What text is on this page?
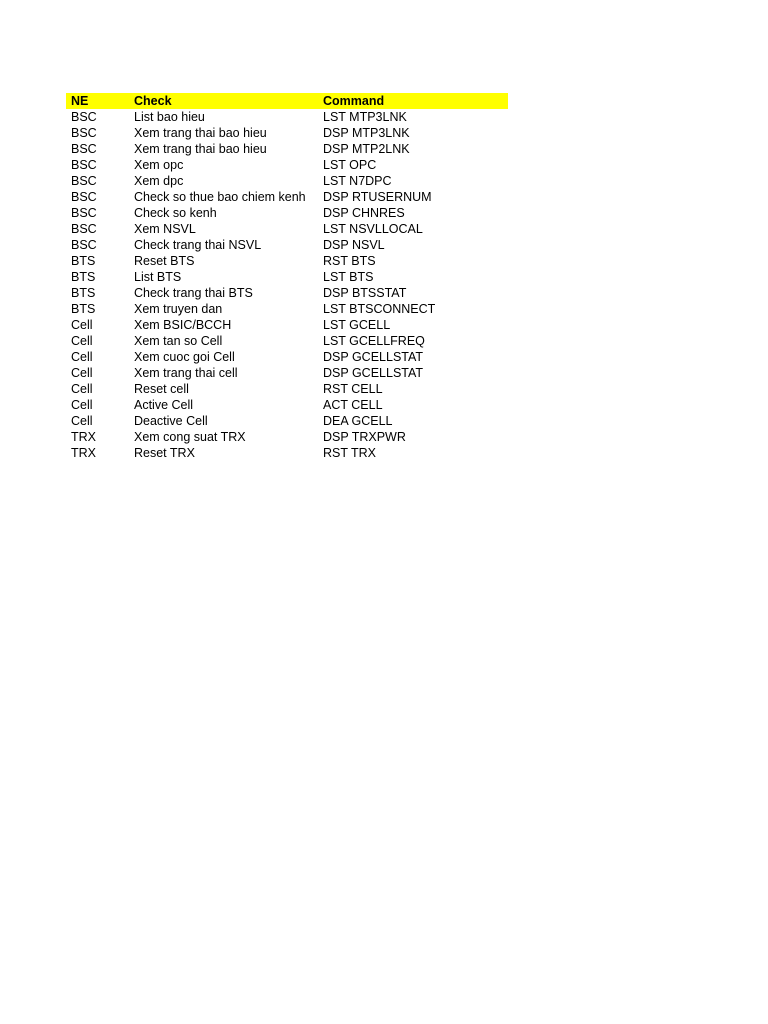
NE	Check	Command
BSC	List bao hieu	LST MTP3LNK
BSC	Xem trang thai bao hieu	DSP MTP3LNK
BSC	Xem trang thai bao hieu	DSP MTP2LNK
BSC	Xem opc	LST OPC
BSC	Xem dpc	LST N7DPC
BSC	Check so thue bao chiem kenh	DSP RTUSERNUM
BSC	Check so kenh	DSP CHNRES
BSC	Xem NSVL	LST NSVLLOCAL
BSC	Check trang thai NSVL	DSP NSVL
BTS	Reset BTS	RST BTS
BTS	List BTS	LST BTS
BTS	Check trang thai BTS	DSP BTSSTAT
BTS	Xem truyen dan	LST BTSCONNECT
Cell	Xem BSIC/BCCH	LST GCELL
Cell	Xem tan so Cell	LST GCELLFREQ
Cell	Xem cuoc goi Cell	DSP GCELLSTAT
Cell	Xem trang thai cell	DSP GCELLSTAT
Cell	Reset cell	RST CELL
Cell	Active Cell	ACT CELL
Cell	Deactive Cell	DEA GCELL
TRX	Xem cong suat TRX	DSP TRXPWR
TRX	Reset TRX	RST TRX
